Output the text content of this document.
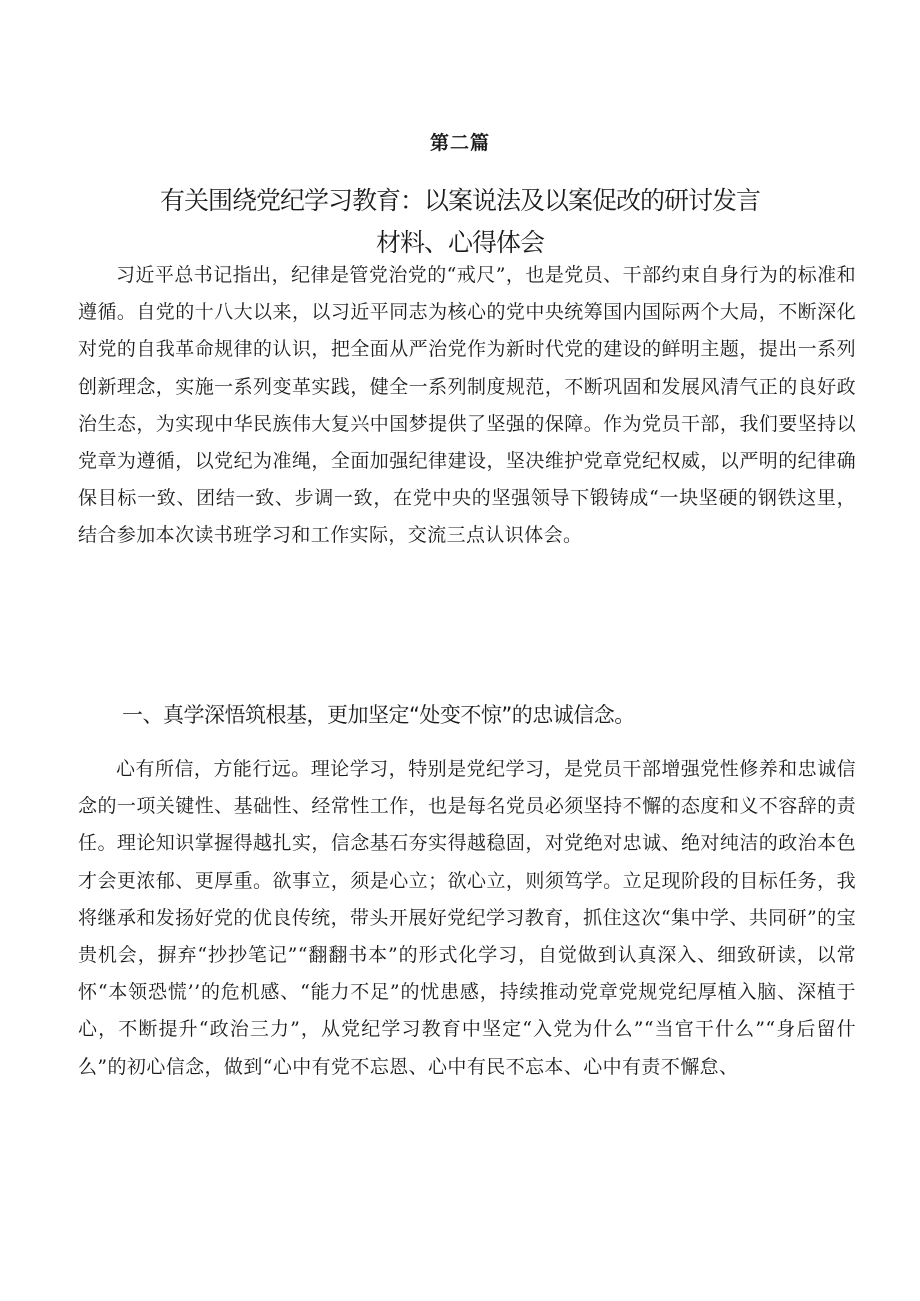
第二篇
有关围绕党纪学习教育：以案说法及以案促改的研讨发言
材料、心得体会

习近平总书记指出，纪律是管党治党的“戒尺”，也是党员、干部约束自身行为的标准和遵循。自党的十八大以来，以习近平同志为核心的党中央统筹国内国际两个大局，不断深化对党的自我革命规律的认识，把全面从严治党作为新时代党的建设的鲜明主题，提出一系列创新理念，实施一系列变革实践，健全一系列制度规范，不断巩固和发展风清气正的良好政治生态，为实现中华民族伟大复兴中国梦提供了坚强的保障。作为党员干部，我们要坚持以党章为遵循，以党纪为准绳，全面加强纪律建设，坚决维护党章党纪权威，以严明的纪律确保目标一致、团结一致、步调一致，在党中央的坚强领导下锻铸成“一块坚硬的钢铁这里，结合参加本次读书班学习和工作实际，交流三点认识体会。

一、真学深悟筑根基，更加坚定“处变不惊”的忠诚信念。

心有所信，方能行远。理论学习，特别是党纪学习，是党员干部增强党性修养和忠诚信念的一项关键性、基础性、经常性工作，也是每名党员必须坚持不懈的态度和义不容辞的责任。理论知识掌握得越扎实，信念基石夯实得越稳固，对党绝对忠诚、绝对纯洁的政治本色才会更浓郁、更厚重。欲事立，须是心立；欲心立，则须笃学。立足现阶段的目标任务，我将继承和发扬好党的优良传统，带头开展好党纪学习教育，抓住这次“集中学、共同研”的宝贵机会，摒弃“抄抄笔记”“翻翻书本”的形式化学习，自觉做到认真深入、细致研读，以常怀“本领恐慌’’的危机感、“能力不足”的忧患感，持续推动党章党规党纪厚植入脑、深植于心，不断提升“政治三力”，从党纪学习教育中坚定“入党为什么”“当官干什么”“身后留什么”的初心信念，做到“心中有党不忘恩、心中有民不忘本、心中有责不懈怠、
